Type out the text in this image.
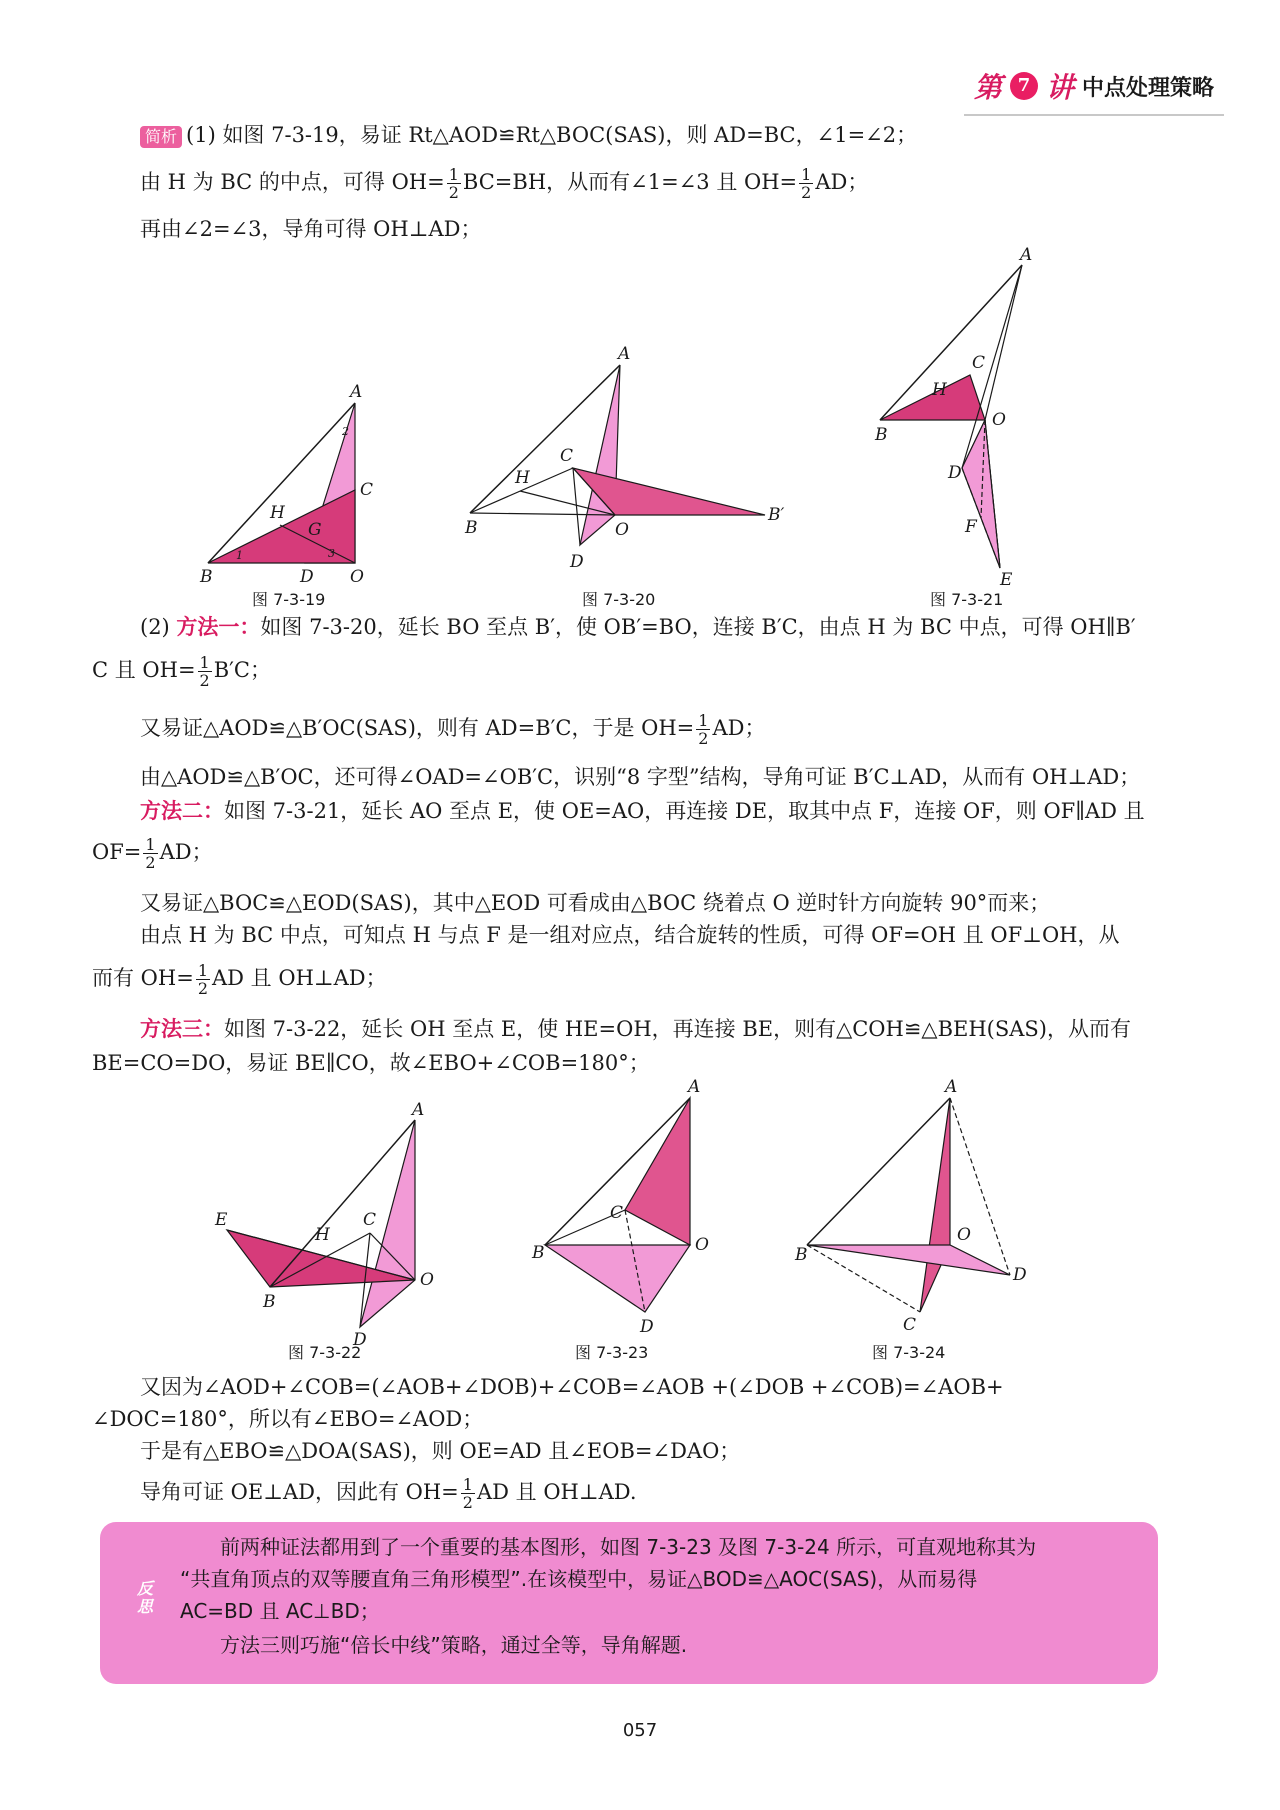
第 7 讲 中点处理策略
简析 (1) 如图 7-3-19，易证 Rt△AOD≌Rt△BOC(SAS)，则 AD=BC，∠1=∠2；
由 H 为 BC 的中点，可得 $OH= \frac{1}{2} BC=BH$，从而有∠1=∠3 且 $OH= \frac{1}{2}$ AD；
再由∠2=∠3，导角可得 OH⊥AD；
A
C
H
G
B	D O
2
1	3
图 7-3-19
A
C
H
B	O
B′
D
图 7-3-20
A
C
H
B
O
D
F
E
图 7-3-21
(2) 方法一：如图 7-3-20，延长 BO 至点 B′，使 OB′=BO，连接 B′C，由点 H 为 BC 中点，可得 OH∥B′
C 且 $OH= \frac{1}{2} B'C$；
又易证△AOD≌△B′OC(SAS)，则有 AD=B′C，于是 $OH= \frac{1}{2}$ AD；
由△AOD≌△B′OC，还可得∠OAD=∠OB′C，识别“8 字型”结构，导角可证 B′C⊥AD，从而有 OH⊥AD；
方法二：如图 7-3-21，延长 AO 至点 E，使 OE=AO，再连接 DE，取其中点 F，连接 OF，则 OF∥AD 且
$OF= \frac{1}{2}$ AD；
又易证△BOC≌△EOD(SAS)，其中△EOD 可看成由△BOC 绕着点 O 逆时针方向旋转 90°而来；
由点 H 为 BC 中点，可知点 H 与点 F 是一组对应点，结合旋转的性质，可得 OF=OH 且 OF⊥OH，从
而有 $OH= \frac{1}{2}$ AD 且 OH⊥AD；
方法三：如图 7-3-22，延长 OH 至点 E，使 HE=OH，再连接 BE，则有△COH≌△BEH(SAS)，从而有
BE=CO=DO，易证 BE∥CO，故∠EBO+∠COB=180°；
A
C
H
E
B
O
D
图 7-3-22
A
C
B	O
D
图 7-3-23
A
O
B
D
C
图 7-3-24
又因为∠AOD+∠COB=(∠AOB+∠DOB)+∠COB=∠AOB +(∠DOB +∠COB)=∠AOB+
∠DOC=180°，所以有∠EBO=∠AOD；
于是有△EBO≌△DOA(SAS)，则 OE=AD 且∠EOB=∠DAO；
导角可证 OE⊥AD，因此有 $OH= \frac{1}{2}$ AD 且 OH⊥AD.
反思
前两种证法都用到了一个重要的基本图形，如图 7-3-23 及图 7-3-24 所示，可直观地称其为
“共直角顶点的双等腰直角三角形模型”.在该模型中，易证△BOD≌△AOC(SAS)，从而易得
AC=BD 且 AC⊥BD；
方法三则巧施“倍长中线”策略，通过全等，导角解题.
057
